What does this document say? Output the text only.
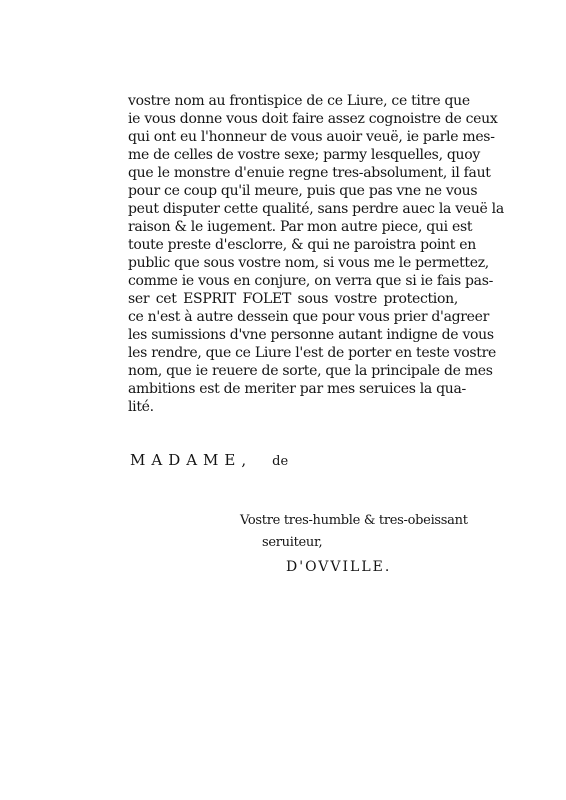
vostre nom au frontispice de ce Liure, ce titre que
ie vous donne vous doit faire assez cognoistre de ceux
qui ont eu l'honneur de vous auoir veuë, ie parle mes-
me de celles de vostre sexe; parmy lesquelles, quoy
que le monstre d'enuie regne tres-absolument, il faut
pour ce coup qu'il meure, puis que pas vne ne vous
peut disputer cette qualité, sans perdre auec la veuë la
raison & le iugement. Par mon autre piece, qui est
toute preste d'esclorre, & qui ne paroistra point en
public que sous vostre nom, si vous me le permettez,
comme ie vous en conjure, on verra que si ie fais pas-
ser cet ESPRIT FOLET sous vostre protection,
ce n'est à autre dessein que pour vous prier d'agreer
les sumissions d'vne personne autant indigne de vous
les rendre, que ce Liure l'est de porter en teste vostre
nom, que ie reuere de sorte, que la principale de mes
ambitions est de meriter par mes seruices la qua-
lité.
MADAME, de
Vostre tres-humble & tres-obeissant
seruiteur,
D'OVVILLE.
